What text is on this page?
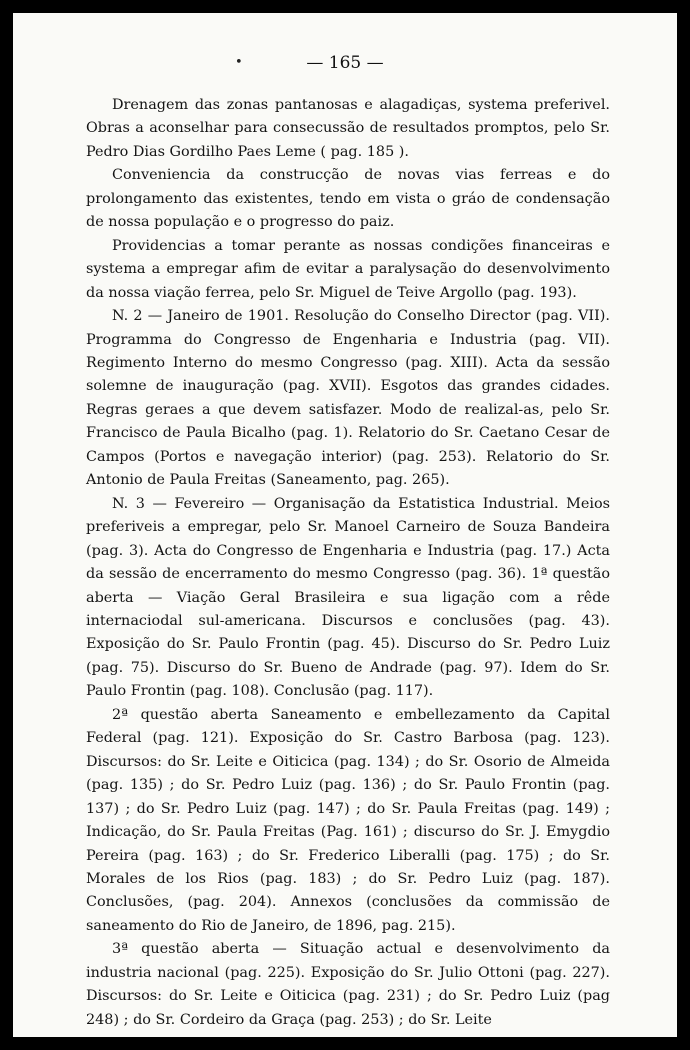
•	— 165 —

Drenagem das zonas pantanosas e alagadiças, systema preferivel. Obras a aconselhar para consecussão de resultados promptos, pelo Sr. Pedro Dias Gordilho Paes Leme ( pag. 185 ).

Conveniencia da construcção de novas vias ferreas e do prolongamento das existentes, tendo em vista o gráo de condensação de nossa população e o progresso do paiz.

Providencias a tomar perante as nossas condições financeiras e systema a empregar afim de evitar a paralysação do desenvolvimento da nossa viação ferrea, pelo Sr. Miguel de Teive Argollo (pag. 193).

N. 2 — Janeiro de 1901. Resolução do Conselho Director (pag. VII). Programma do Congresso de Engenharia e Industria (pag. VII). Regimento Interno do mesmo Congresso (pag. XIII). Acta da sessão solemne de inauguração (pag. XVII). Esgotos das grandes cidades. Regras geraes a que devem satisfazer. Modo de realizal-as, pelo Sr. Francisco de Paula Bicalho (pag. 1). Relatorio do Sr. Caetano Cesar de Campos (Portos e navegação interior) (pag. 253). Relatorio do Sr. Antonio de Paula Freitas (Saneamento, pag. 265).

N. 3 — Fevereiro — Organisação da Estatistica Industrial. Meios preferiveis a empregar, pelo Sr. Manoel Carneiro de Souza Bandeira (pag. 3). Acta do Congresso de Engenharia e Industria (pag. 17.) Acta da sessão de encerramento do mesmo Congresso (pag. 36). 1ª questão aberta — Viação Geral Brasileira e sua ligação com a rêde internaciodal sul-americana. Discursos e conclusões (pag. 43). Exposição do Sr. Paulo Frontin (pag. 45). Discurso do Sr. Pedro Luiz (pag. 75). Discurso do Sr. Bueno de Andrade (pag. 97). Idem do Sr. Paulo Frontin (pag. 108). Conclusão (pag. 117).

2ª questão aberta Saneamento e embellezamento da Capital Federal (pag. 121). Exposição do Sr. Castro Barbosa (pag. 123). Discursos: do Sr. Leite e Oiticica (pag. 134) ; do Sr. Osorio de Almeida (pag. 135) ; do Sr. Pedro Luiz (pag. 136) ; do Sr. Paulo Frontin (pag. 137) ; do Sr. Pedro Luiz (pag. 147) ; do Sr. Paula Freitas (pag. 149) ; Indicação, do Sr. Paula Freitas (Pag. 161) ; discurso do Sr. J. Emygdio Pereira (pag. 163) ; do Sr. Frederico Liberalli (pag. 175) ; do Sr. Morales de los Rios (pag. 183) ; do Sr. Pedro Luiz (pag. 187). Conclusões, (pag. 204). Annexos (conclusões da commissão de saneamento do Rio de Janeiro, de 1896, pag. 215).

3ª questão aberta — Situação actual e desenvolvimento da industria nacional (pag. 225). Exposição do Sr. Julio Ottoni (pag. 227). Discursos: do Sr. Leite e Oiticica (pag. 231) ; do Sr. Pedro Luiz (pag 248) ; do Sr. Cordeiro da Graça (pag. 253) ; do Sr. Leite
